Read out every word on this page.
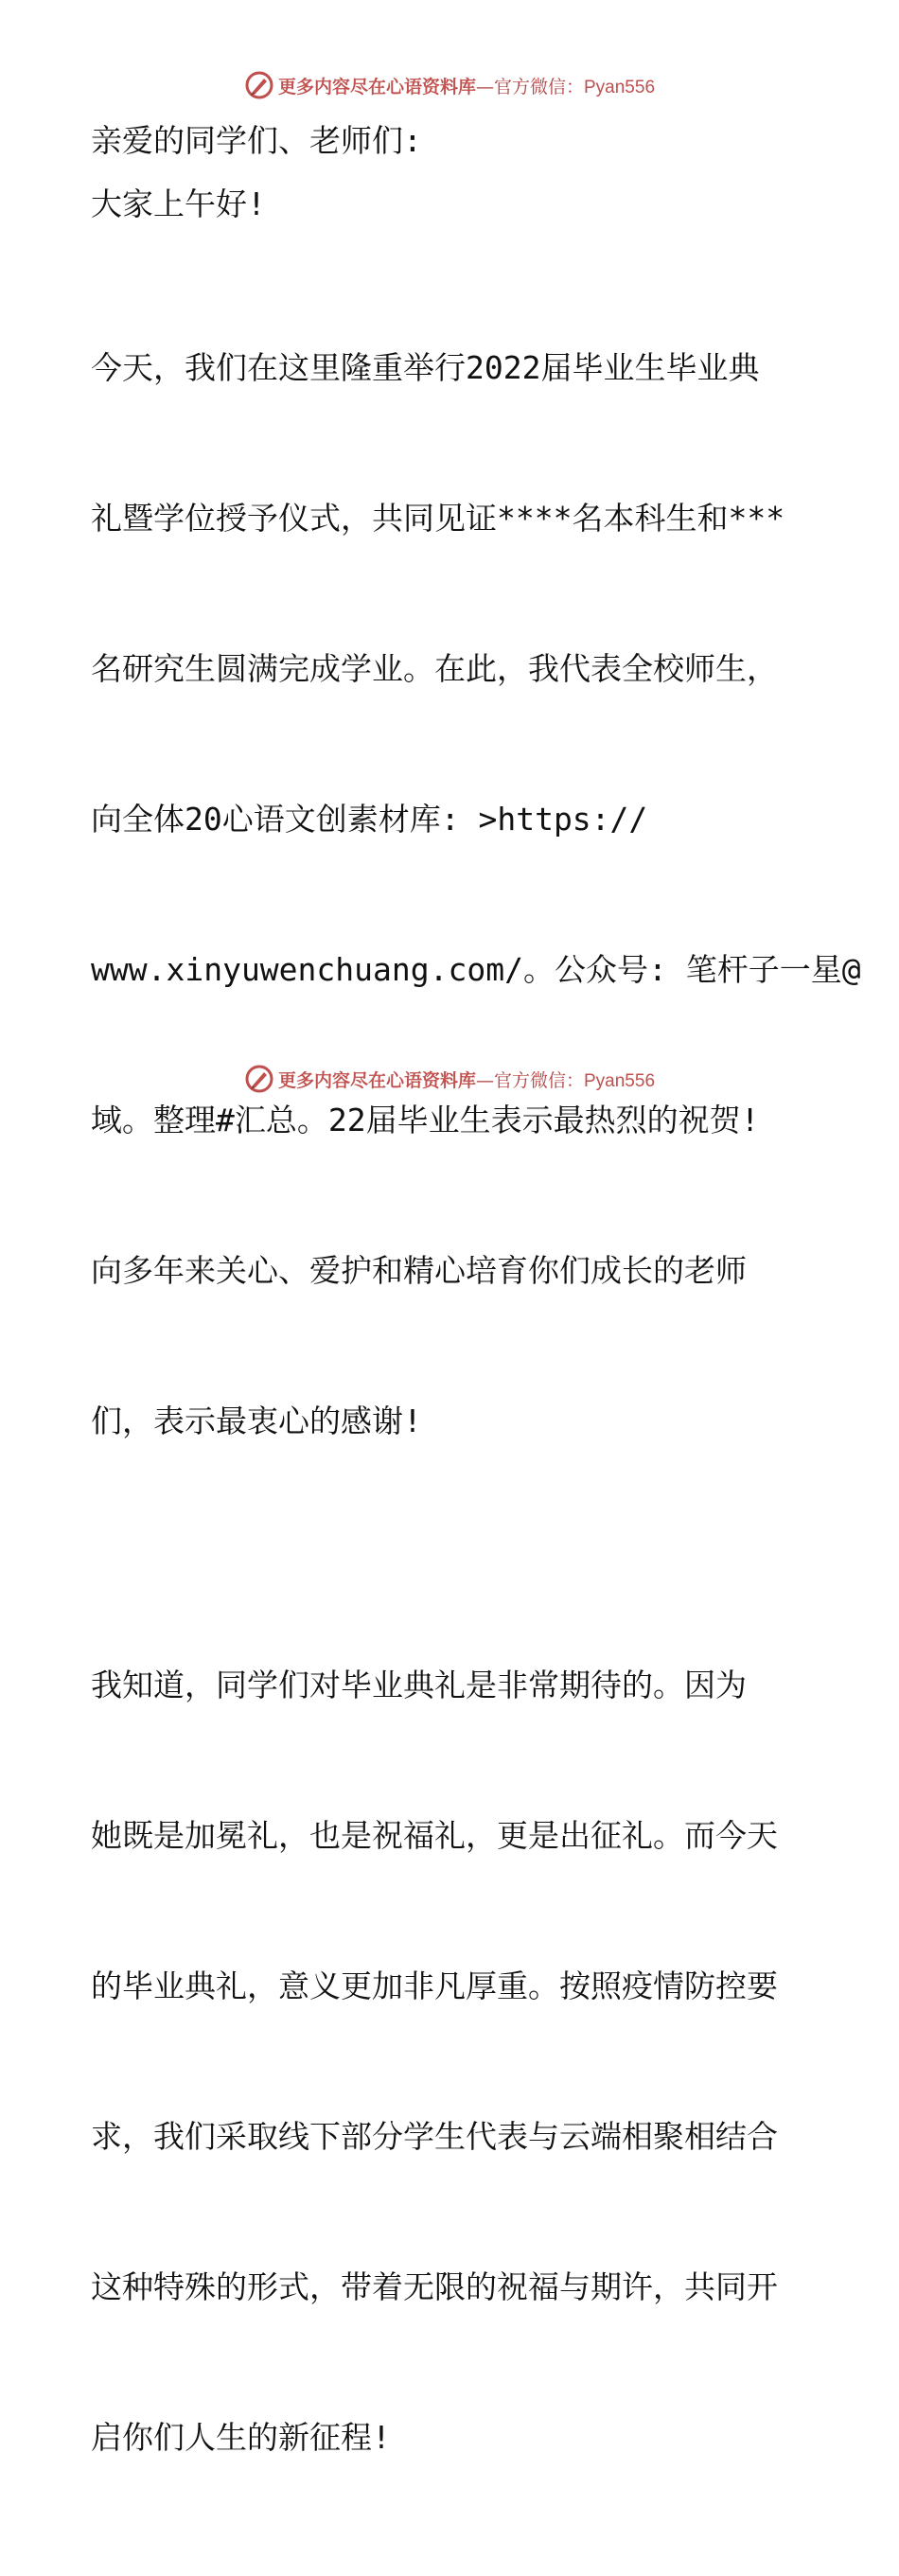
更多内容尽在心语资料库—官方微信：Pyan556

亲爱的同学们、老师们:

大家上午好!

今天，我们在这里隆重举行2022届毕业生毕业典

礼暨学位授予仪式，共同见证****名本科生和***

名研究生圆满完成学业。在此，我代表全校师生，

向全体20心语文创素材库: >https://

www.xinyuwenchuang.com/。公众号: 笔杆子一星@

域。整理#汇总。22届毕业生表示最热烈的祝贺!

向多年来关心、爱护和精心培育你们成长的老师

们，表示最衷心的感谢!

我知道，同学们对毕业典礼是非常期待的。因为

她既是加冕礼，也是祝福礼，更是出征礼。而今天

的毕业典礼，意义更加非凡厚重。按照疫情防控要

求，我们采取线下部分学生代表与云端相聚相结合

这种特殊的形式，带着无限的祝福与期许，共同开

启你们人生的新征程!

更多内容尽在心语资料库—官方微信：Pyan556
